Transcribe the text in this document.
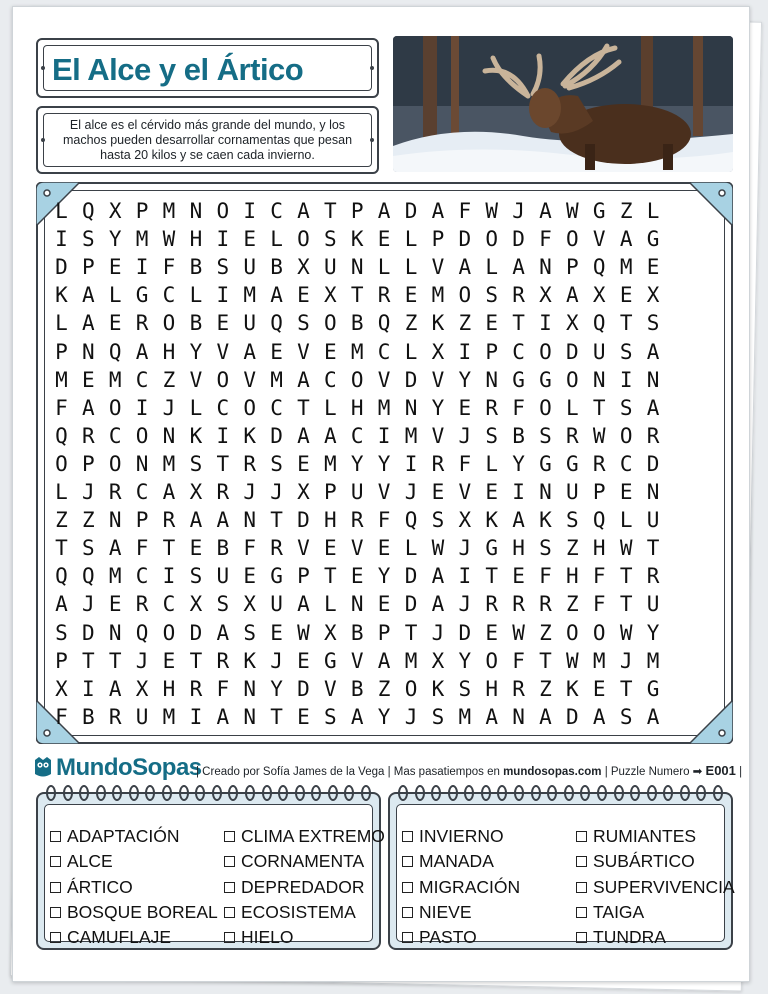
El Alce y el Ártico
El alce es el cérvido más grande del mundo, y los machos pueden desarrollar cornamentas que pesan hasta 20 kilos y se caen cada invierno.
L Q X P M N O I C A T P A D A F W J A W G Z L
I S Y M W H I E L O S K E L P D O D F O V A G
D P E I F B S U B X U N L L V A L A N P Q M E
K A L G C L I M A E X T R E M O S R X A X E X
L A E R O B E U Q S O B Q Z K Z E T I X Q T S
P N Q A H Y V A E V E M C L X I P C O D U S A
M E M C Z V O V M A C O V D V Y N G G O N I N
F A O I J L C O C T L H M N Y E R F O L T S A
Q R C O N K I K D A A C I M V J S B S R W O R
O P O N M S T R S E M Y Y I R F L Y G G R C D
L J R C A X R J J X P U V J E V E I N U P E N
Z Z N P R A A N T D H R F Q S X K A K S Q L U
T S A F T E B F R V E V E L W J G H S Z H W T
Q Q M C I S U E G P T E Y D A I T E F H F T R
A J E R C X S X U A L N E D A J R R R Z F T U
S D N Q O D A S E W X B P T J D E W Z O O W Y
P T T J E T R K J E G V A M X Y O F T W M J M
X I A X H R F N Y D V B Z O K S H R Z K E T G
F B R U M I A N T E S A Y J S M A N A D A S A
MundoSopas
| Creado por Sofía James de la Vega | Mas pasatiempos en mundosopas.com | Puzzle Numero ➡ E001 |
ADAPTACIÓN
ALCE
ÁRTICO
BOSQUE BOREAL
CAMUFLAJE
CLIMA EXTREMO
CORNAMENTA
DEPREDADOR
ECOSISTEMA
HIELO
INVIERNO
MANADA
MIGRACIÓN
NIEVE
PASTO
RUMIANTES
SUBÁRTICO
SUPERVIVENCIA
TAIGA
TUNDRA
